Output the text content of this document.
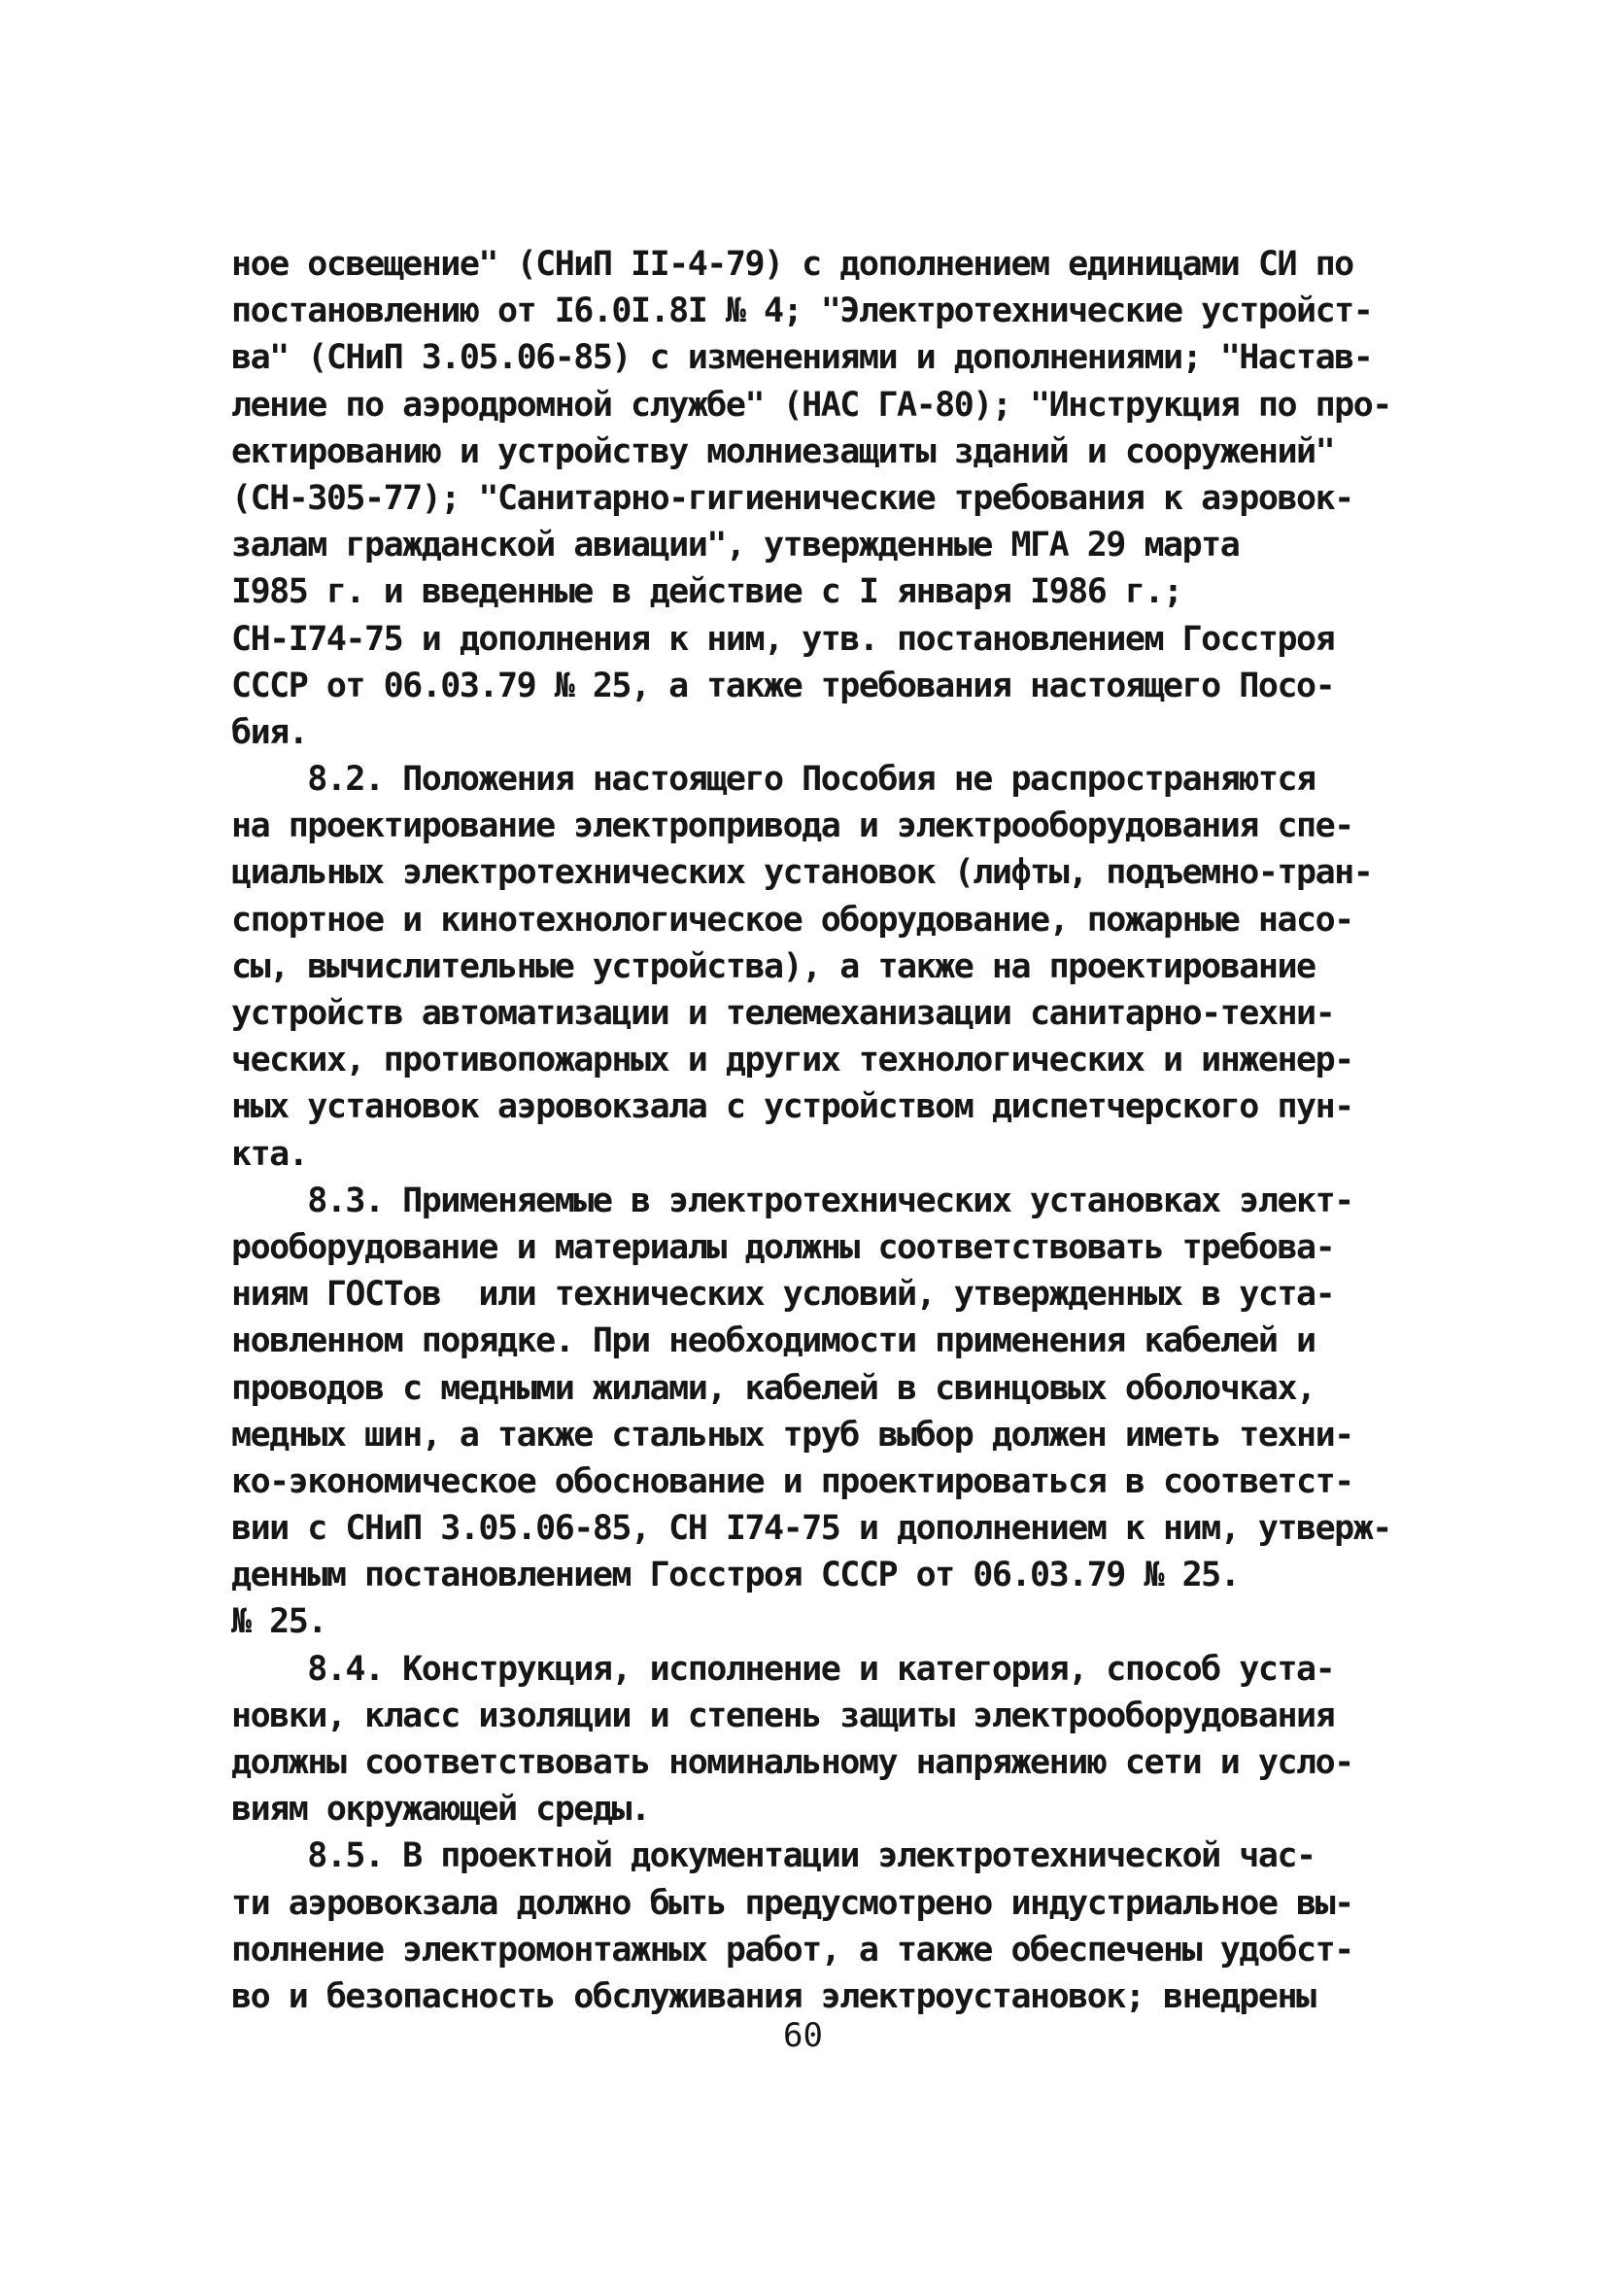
ное освещение" (СНиП II-4-79) с дополнением единицами СИ по
постановлению от I6.0I.8I № 4; "Электротехнические устройст-
ва" (СНиП 3.05.06-85) с изменениями и дополнениями; "Настав-
ление по аэродромной службе" (НАС ГА-80); "Инструкция по про-
ектированию и устройству молниезащиты зданий и сооружений"
(СН-305-77); "Санитарно-гигиенические требования к аэровок-
залам гражданской авиации", утвержденные МГА 29 марта
I985 г. и введенные в действие с I января I986 г.;
СН-I74-75 и дополнения к ним, утв. постановлением Госстроя
СССР от 06.03.79 № 25, а также требования настоящего Посо-
бия.
8.2. Положения настоящего Пособия не распространяются
на проектирование электропривода и электрооборудования спе-
циальных электротехнических установок (лифты, подъемно-тран-
спортное и кинотехнологическое оборудование, пожарные насо-
сы, вычислительные устройства), а также на проектирование
устройств автоматизации и телемеханизации санитарно-техни-
ческих, противопожарных и других технологических и инженер-
ных установок аэровокзала с устройством диспетчерского пун-
кта.
8.3. Применяемые в электротехнических установках элект-
рооборудование и материалы должны соответствовать требова-
ниям ГОСТов  или технических условий, утвержденных в уста-
новленном порядке. При необходимости применения кабелей и
проводов с медными жилами, кабелей в свинцовых оболочках,
медных шин, а также стальных труб выбор должен иметь техни-
ко-экономическое обоснование и проектироваться в соответст-
вии с СНиП 3.05.06-85, СН I74-75 и дополнением к ним, утверж-
денным постановлением Госстроя СССР от 06.03.79 № 25.
№ 25.
8.4. Конструкция, исполнение и категория, способ уста-
новки, класс изоляции и степень защиты электрооборудования
должны соответствовать номинальному напряжению сети и усло-
виям окружающей среды.
8.5. В проектной документации электротехнической час-
ти аэровокзала должно быть предусмотрено индустриальное вы-
полнение электромонтажных работ, а также обеспечены удобст-
во и безопасность обслуживания электроустановок; внедрены
60
